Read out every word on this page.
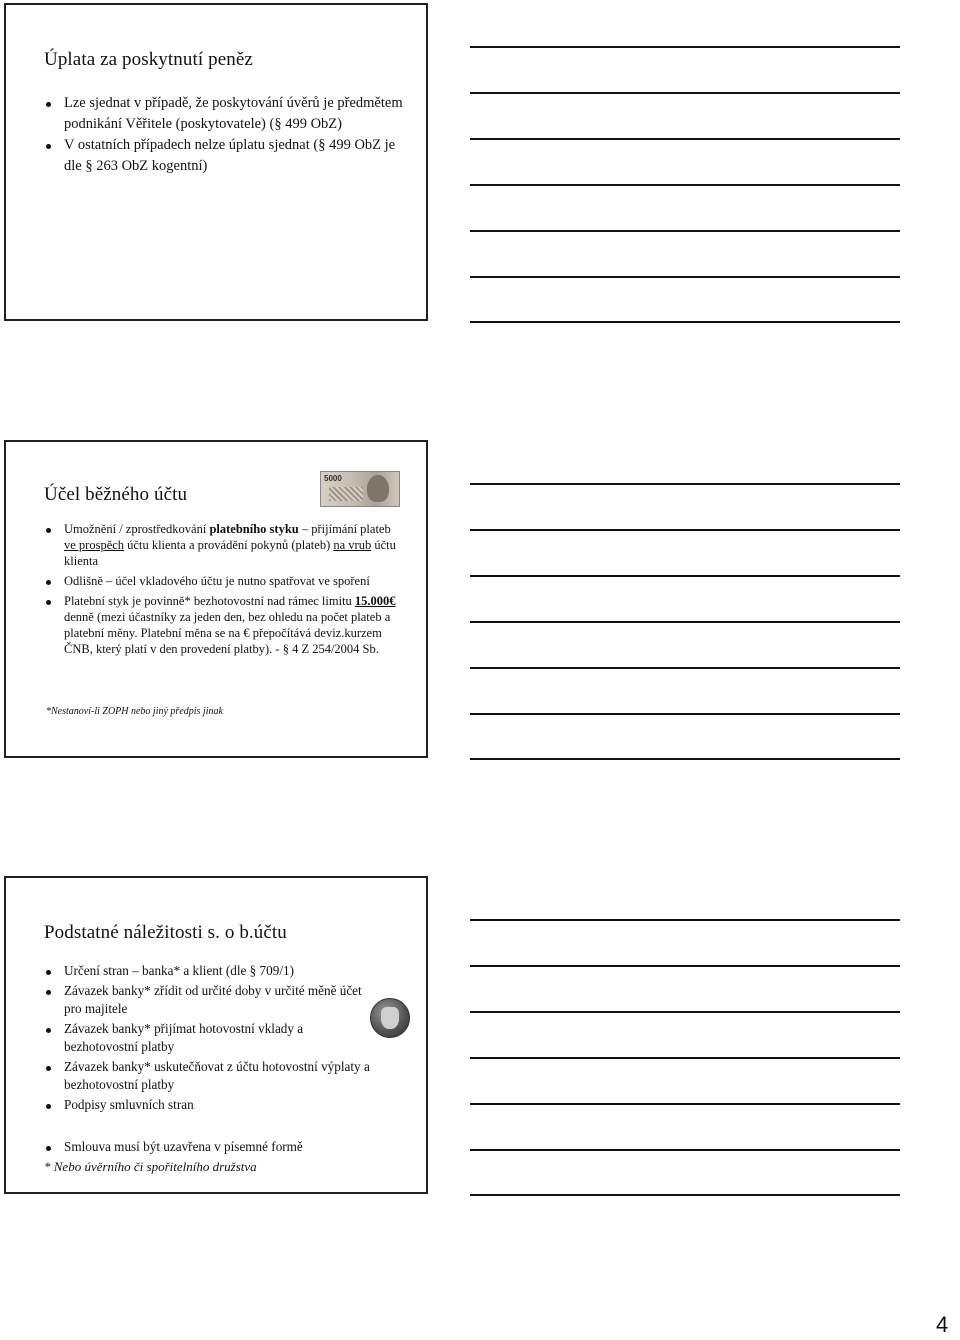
Úplata za poskytnutí peněz
Lze sjednat v případě, že poskytování úvěrů je předmětem podnikání Věřitele (poskytovatele) (§ 499 ObZ)
V ostatních případech nelze úplatu sjednat (§ 499 ObZ je dle § 263 ObZ kogentní)
Účel běžného účtu
5000
Umožnění / zprostředkování platebního styku – přijímání plateb ve prospěch účtu klienta a provádění pokynů (plateb) na vrub účtu klienta
Odlišně – účel vkladového účtu je nutno spatřovat ve spoření
Platební styk je povinně* bezhotovostní nad rámec limitu 15.000€ denně (mezi účastníky za jeden den, bez ohledu na počet plateb a platební měny. Platební měna se na € přepočítává deviz.kurzem ČNB, který platí v den provedení platby). - § 4 Z 254/2004 Sb.
*Nestanoví-li ZOPH nebo jiný předpis jinak
Podstatné náležitosti s. o b.účtu
Určení stran – banka* a klient (dle § 709/1)
Závazek banky* zřídit od určité doby v určité měně účet pro majitele
Závazek banky* přijímat hotovostní vklady a bezhotovostní platby
Závazek banky* uskutečňovat z účtu hotovostní výplaty a bezhotovostní platby
Podpisy smluvních stran
Smlouva musí být uzavřena v písemné formě
* Nebo úvěrního či spořitelního družstva

4
